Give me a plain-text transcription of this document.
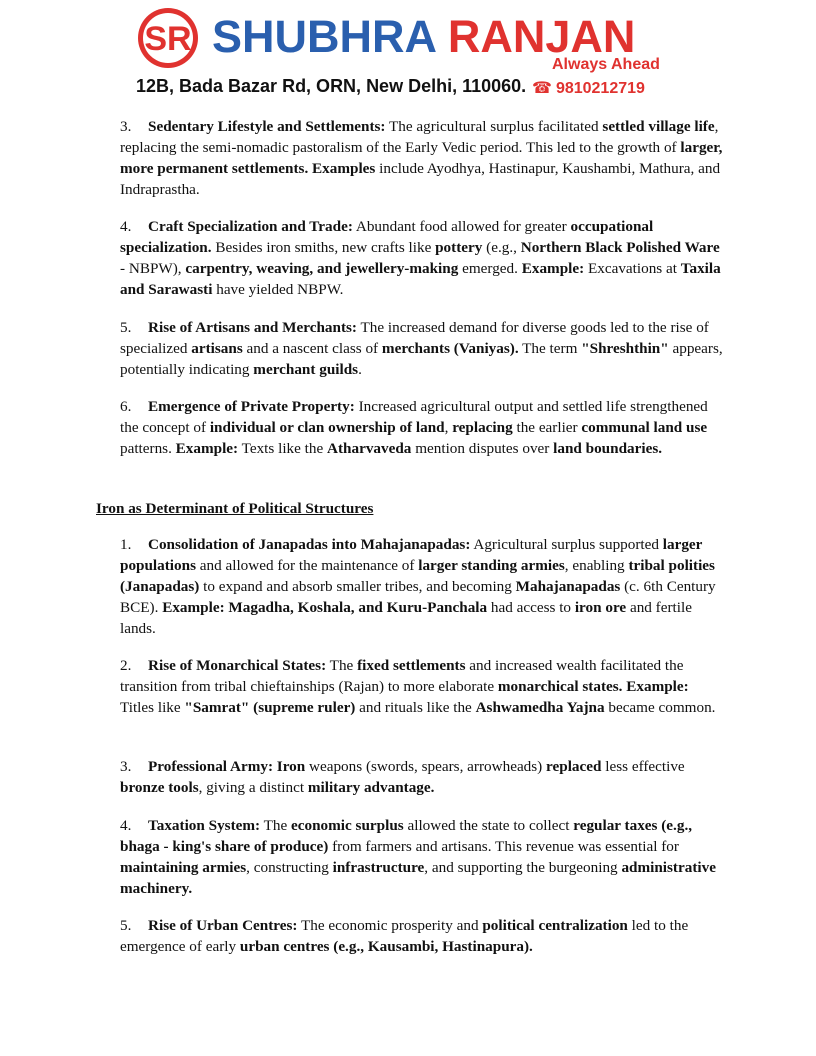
SR SHUBHRA RANJAN
Always Ahead
12B, Bada Bazar Rd, ORN, New Delhi, 110060. ☎ 9810212719
3. Sedentary Lifestyle and Settlements: The agricultural surplus facilitated settled village life, replacing the semi-nomadic pastoralism of the Early Vedic period. This led to the growth of larger, more permanent settlements. Examples include Ayodhya, Hastinapur, Kaushambi, Mathura, and Indraprastha.
4. Craft Specialization and Trade: Abundant food allowed for greater occupational specialization. Besides iron smiths, new crafts like pottery (e.g., Northern Black Polished Ware - NBPW), carpentry, weaving, and jewellery-making emerged. Example: Excavations at Taxila and Sarawasti have yielded NBPW.
5. Rise of Artisans and Merchants: The increased demand for diverse goods led to the rise of specialized artisans and a nascent class of merchants (Vaniyas). The term "Shreshthin" appears, potentially indicating merchant guilds.
6. Emergence of Private Property: Increased agricultural output and settled life strengthened the concept of individual or clan ownership of land, replacing the earlier communal land use patterns. Example: Texts like the Atharvaveda mention disputes over land boundaries.
Iron as Determinant of Political Structures
1. Consolidation of Janapadas into Mahajanapadas: Agricultural surplus supported larger populations and allowed for the maintenance of larger standing armies, enabling tribal polities (Janapadas) to expand and absorb smaller tribes, and becoming Mahajanapadas (c. 6th Century BCE). Example: Magadha, Koshala, and Kuru-Panchala had access to iron ore and fertile lands.
2. Rise of Monarchical States: The fixed settlements and increased wealth facilitated the transition from tribal chieftainships (Rajan) to more elaborate monarchical states. Example: Titles like "Samrat" (supreme ruler) and rituals like the Ashwamedha Yajna became common.
3. Professional Army: Iron weapons (swords, spears, arrowheads) replaced less effective bronze tools, giving a distinct military advantage.
4. Taxation System: The economic surplus allowed the state to collect regular taxes (e.g., bhaga - king's share of produce) from farmers and artisans. This revenue was essential for maintaining armies, constructing infrastructure, and supporting the burgeoning administrative machinery.
5. Rise of Urban Centres: The economic prosperity and political centralization led to the emergence of early urban centres (e.g., Kausambi, Hastinapura).
